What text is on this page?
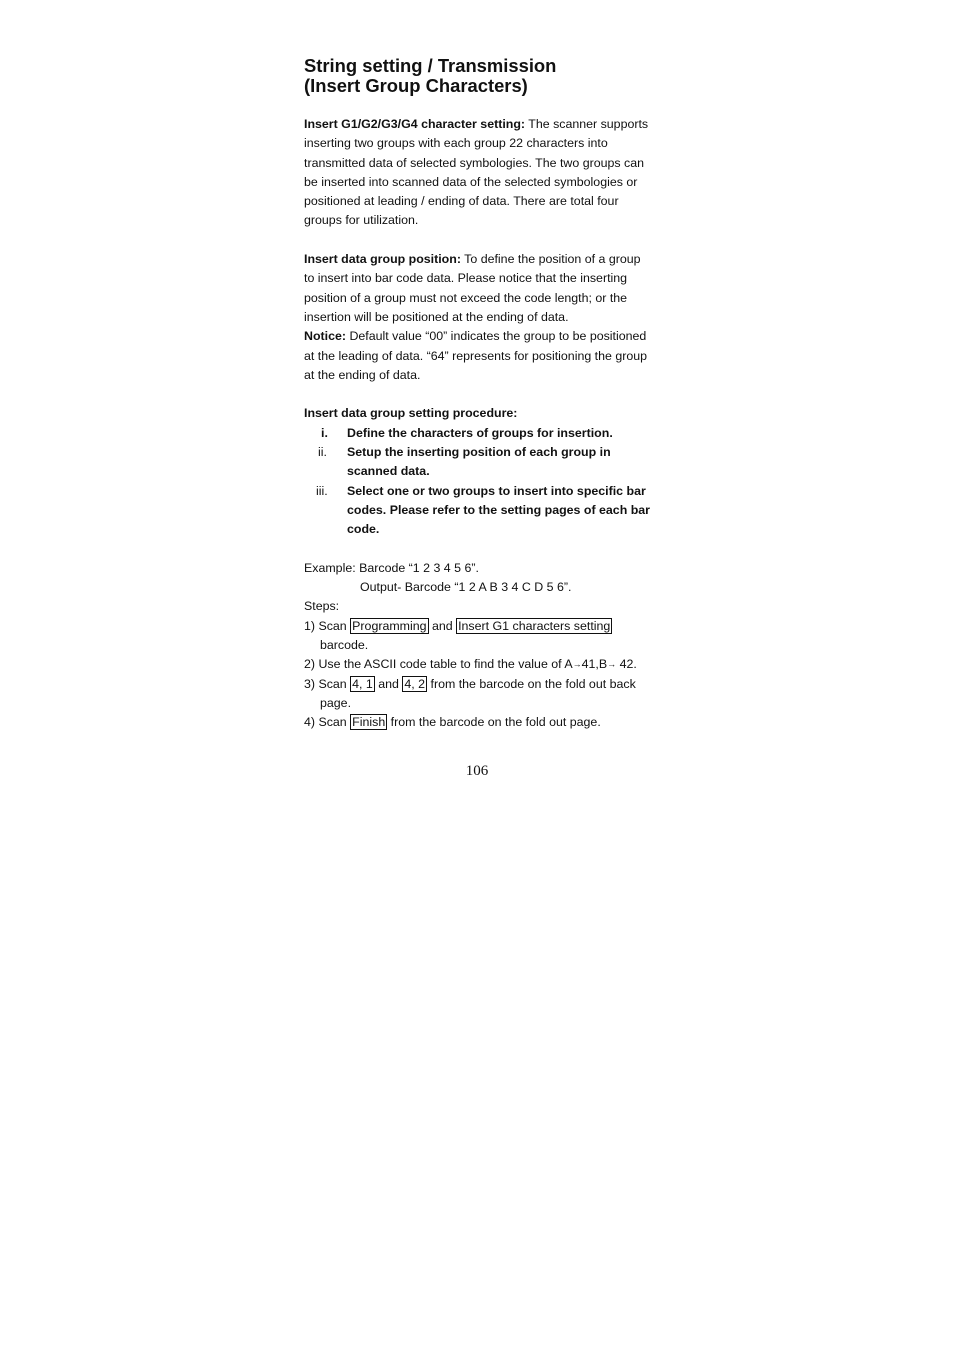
String setting / Transmission
(Insert Group Characters)

Insert G1/G2/G3/G4 character setting: The scanner supports inserting two groups with each group 22 characters into transmitted data of selected symbologies. The two groups can be inserted into scanned data of the selected symbologies or positioned at leading / ending of data. There are total four groups for utilization.

Insert data group position: To define the position of a group to insert into bar code data. Please notice that the inserting position of a group must not exceed the code length; or the insertion will be positioned at the ending of data.

Notice: Default value “00” indicates the group to be positioned at the leading of data. “64” represents for positioning the group at the ending of data.

Insert data group setting procedure:

i.	Define the characters of groups for insertion.
ii.	Setup the inserting position of each group in scanned data.
iii.	Select one or two groups to insert into specific bar codes. Please refer to the setting pages of each bar code.

Example: Barcode “1 2 3 4 5 6”.

Output- Barcode “1 2 A B 3 4 C D 5 6”.

Steps:

1) Scan Programming and Insert G1 characters setting

barcode.

2) Use the ASCII code table to find the value of A→41,B→ 42.

3) Scan 4, 1 and 4, 2 from the barcode on the fold out back

page.

4) Scan Finish from the barcode on the fold out page.

106
